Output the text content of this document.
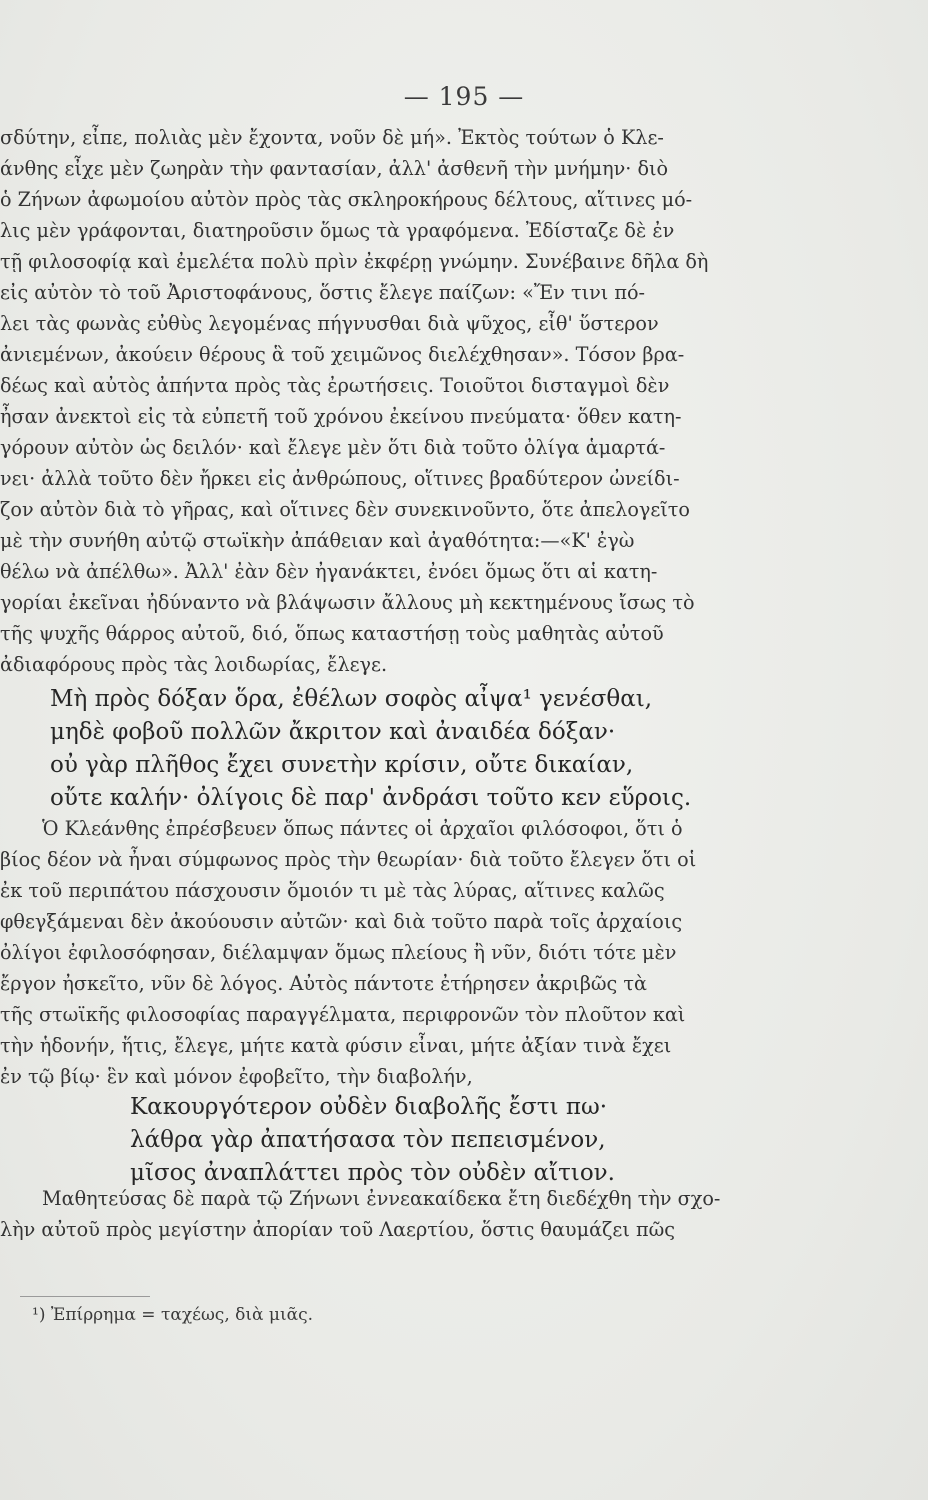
— 195 —
σδύτην, εἶπε, πολιὰς μὲν ἔχοντα, νοῦν δὲ μή». Ἐκτὸς τούτων ὁ Κλε-
άνθης εἶχε μὲν ζωηρὰν τὴν φαντασίαν, ἀλλ' ἀσθενῆ τὴν μνήμην· διὸ
ὁ Ζήνων ἀφωμοίου αὐτὸν πρὸς τὰς σκληροκήρους δέλτους, αἵτινες μό-
λις μὲν γράφονται, διατηροῦσιν ὅμως τὰ γραφόμενα. Ἐδίσταζε δὲ ἐν
τῇ φιλοσοφίᾳ καὶ ἐμελέτα πολὺ πρὶν ἐκφέρῃ γνώμην. Συνέβαινε δῆλα δὴ
εἰς αὐτὸν τὸ τοῦ Ἀριστοφάνους, ὅστις ἔλεγε παίζων: «Ἔν τινι πό-
λει τὰς φωνὰς εὐθὺς λεγομένας πήγνυσθαι διὰ ψῦχος, εἶθ' ὕστερον
ἀνιεμένων, ἀκούειν θέρους ἃ τοῦ χειμῶνος διελέχθησαν». Τόσον βρα-
δέως καὶ αὐτὸς ἀπήντα πρὸς τὰς ἐρωτήσεις. Τοιοῦτοι δισταγμοὶ δὲν
ἦσαν ἀνεκτοὶ εἰς τὰ εὐπετῆ τοῦ χρόνου ἐκείνου πνεύματα· ὅθεν κατη-
γόρουν αὐτὸν ὡς δειλόν· καὶ ἔλεγε μὲν ὅτι διὰ τοῦτο ὀλίγα ἁμαρτά-
νει· ἀλλὰ τοῦτο δὲν ἤρκει εἰς ἀνθρώπους, οἵτινες βραδύτερον ὠνείδι-
ζον αὐτὸν διὰ τὸ γῆρας, καὶ οἵτινες δὲν συνεκινοῦντο, ὅτε ἀπελογεῖτο
μὲ τὴν συνήθη αὐτῷ στωϊκὴν ἀπάθειαν καὶ ἀγαθότητα:—«Κ' ἐγὼ
θέλω νὰ ἀπέλθω». Ἀλλ' ἐὰν δὲν ἠγανάκτει, ἐνόει ὅμως ὅτι αἱ κατη-
γορίαι ἐκεῖναι ἠδύναντο νὰ βλάψωσιν ἄλλους μὴ κεκτημένους ἴσως τὸ
τῆς ψυχῆς θάρρος αὐτοῦ, διό, ὅπως καταστήσῃ τοὺς μαθητὰς αὐτοῦ
ἀδιαφόρους πρὸς τὰς λοιδωρίας, ἔλεγε.
Μὴ πρὸς δόξαν ὅρα, ἐθέλων σοφὸς αἶψα¹ γενέσθαι,
μηδὲ φοβοῦ πολλῶν ἄκριτον καὶ ἀναιδέα δόξαν·
οὐ γὰρ πλῆθος ἔχει συνετὴν κρίσιν, οὔτε δικαίαν,
οὔτε καλήν· ὀλίγοις δὲ παρ' ἀνδράσι τοῦτο κεν εὕροις.
Ὁ Κλεάνθης ἐπρέσβευεν ὅπως πάντες οἱ ἀρχαῖοι φιλόσοφοι, ὅτι ὁ
βίος δέον νὰ ἦναι σύμφωνος πρὸς τὴν θεωρίαν· διὰ τοῦτο ἔλεγεν ὅτι οἱ
ἐκ τοῦ περιπάτου πάσχουσιν ὅμοιόν τι μὲ τὰς λύρας, αἵτινες καλῶς
φθεγξάμεναι δὲν ἀκούουσιν αὐτῶν· καὶ διὰ τοῦτο παρὰ τοῖς ἀρχαίοις
ὀλίγοι ἐφιλοσόφησαν, διέλαμψαν ὅμως πλείους ἢ νῦν, διότι τότε μὲν
ἔργον ἠσκεῖτο, νῦν δὲ λόγος. Αὐτὸς πάντοτε ἐτήρησεν ἀκριβῶς τὰ
τῆς στωϊκῆς φιλοσοφίας παραγγέλματα, περιφρονῶν τὸν πλοῦτον καὶ
τὴν ἡδονήν, ἥτις, ἔλεγε, μήτε κατὰ φύσιν εἶναι, μήτε ἀξίαν τινὰ ἔχει
ἐν τῷ βίῳ· ἓν καὶ μόνον ἐφοβεῖτο, τὴν διαβολήν,
Κακουργότερον οὐδὲν διαβολῆς ἔστι πω·
λάθρα γὰρ ἀπατήσασα τὸν πεπεισμένον,
μῖσος ἀναπλάττει πρὸς τὸν οὐδὲν αἴτιον.
Μαθητεύσας δὲ παρὰ τῷ Ζήνωνι ἐννεακαίδεκα ἔτη διεδέχθη τὴν σχο-
λὴν αὐτοῦ πρὸς μεγίστην ἀπορίαν τοῦ Λαερτίου, ὅστις θαυμάζει πῶς
¹) Ἐπίρρημα = ταχέως, διὰ μιᾶς.
